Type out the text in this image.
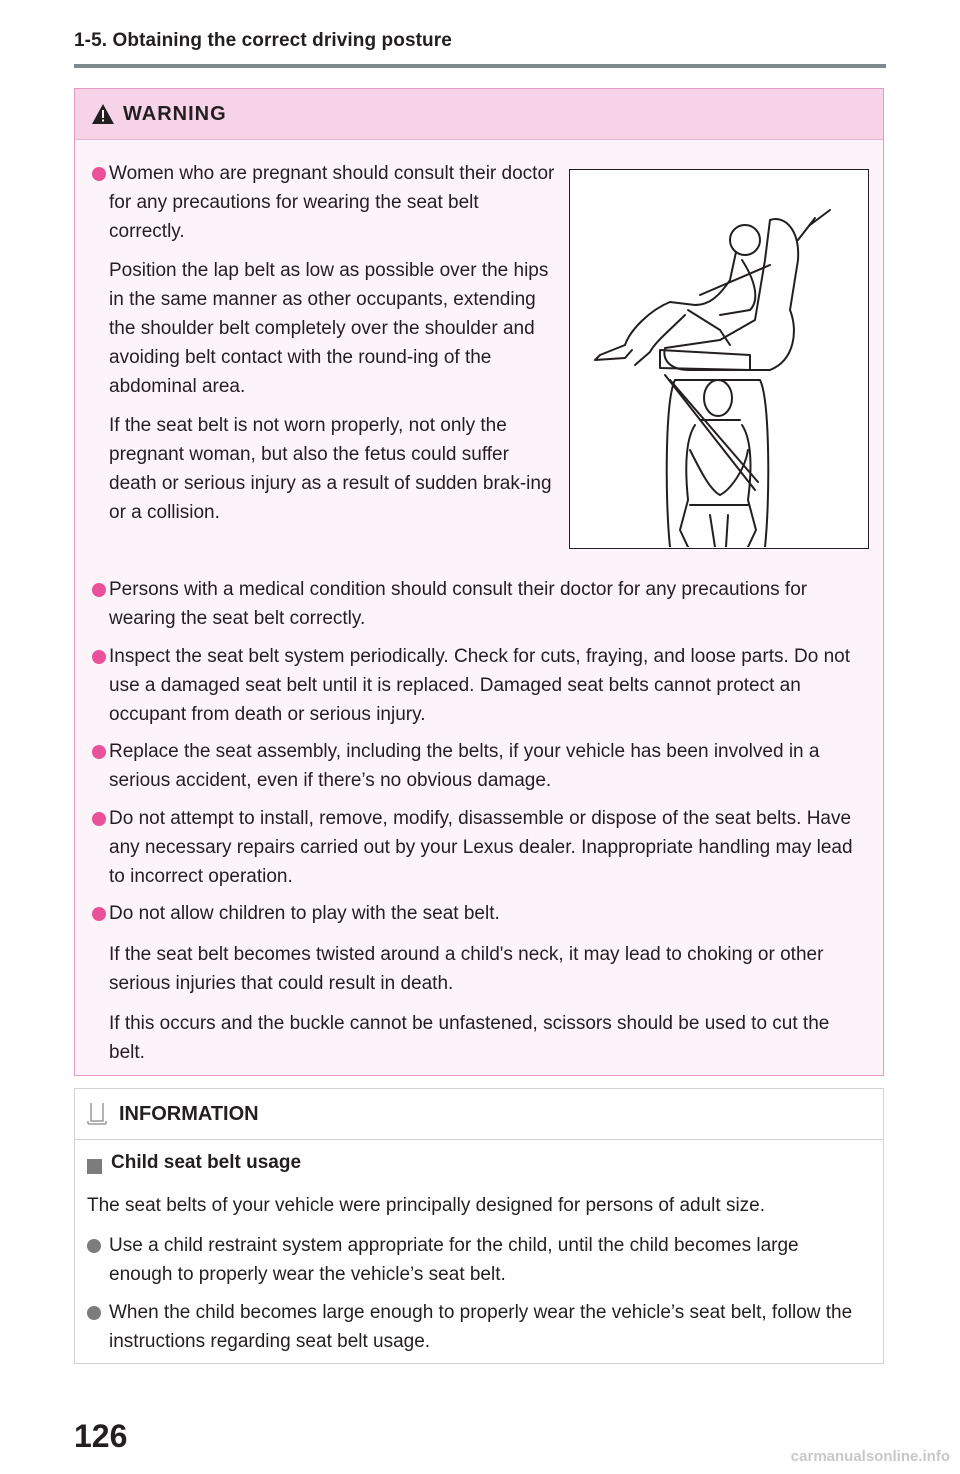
1-5. Obtaining the correct driving posture
WARNING
Women who are pregnant should consult their doctor for any precautions for wearing the seat belt correctly.
Position the lap belt as low as possible over the hips in the same manner as other occupants, extending the shoulder belt completely over the shoulder and avoiding belt contact with the round-ing of the abdominal area.
If the seat belt is not worn properly, not only the pregnant woman, but also the fetus could suffer death or serious injury as a result of sudden brak-ing or a collision.
Persons with a medical condition should consult their doctor for any precautions for wearing the seat belt correctly.
Inspect the seat belt system periodically. Check for cuts, fraying, and loose parts. Do not use a damaged seat belt until it is replaced. Damaged seat belts cannot protect an occupant from death or serious injury.
Replace the seat assembly, including the belts, if your vehicle has been involved in a serious accident, even if there’s no obvious damage.
Do not attempt to install, remove, modify, disassemble or dispose of the seat belts. Have any necessary repairs carried out by your Lexus dealer. Inappropriate handling may lead to incorrect operation.
Do not allow children to play with the seat belt.
If the seat belt becomes twisted around a child's neck, it may lead to choking or other serious injuries that could result in death.
If this occurs and the buckle cannot be unfastened, scissors should be used to cut the belt.
INFORMATION
Child seat belt usage
The seat belts of your vehicle were principally designed for persons of adult size.
Use a child restraint system appropriate for the child, until the child becomes large enough to properly wear the vehicle’s seat belt.
When the child becomes large enough to properly wear the vehicle’s seat belt, follow the instructions regarding seat belt usage.
126
carmanualsonline.info
